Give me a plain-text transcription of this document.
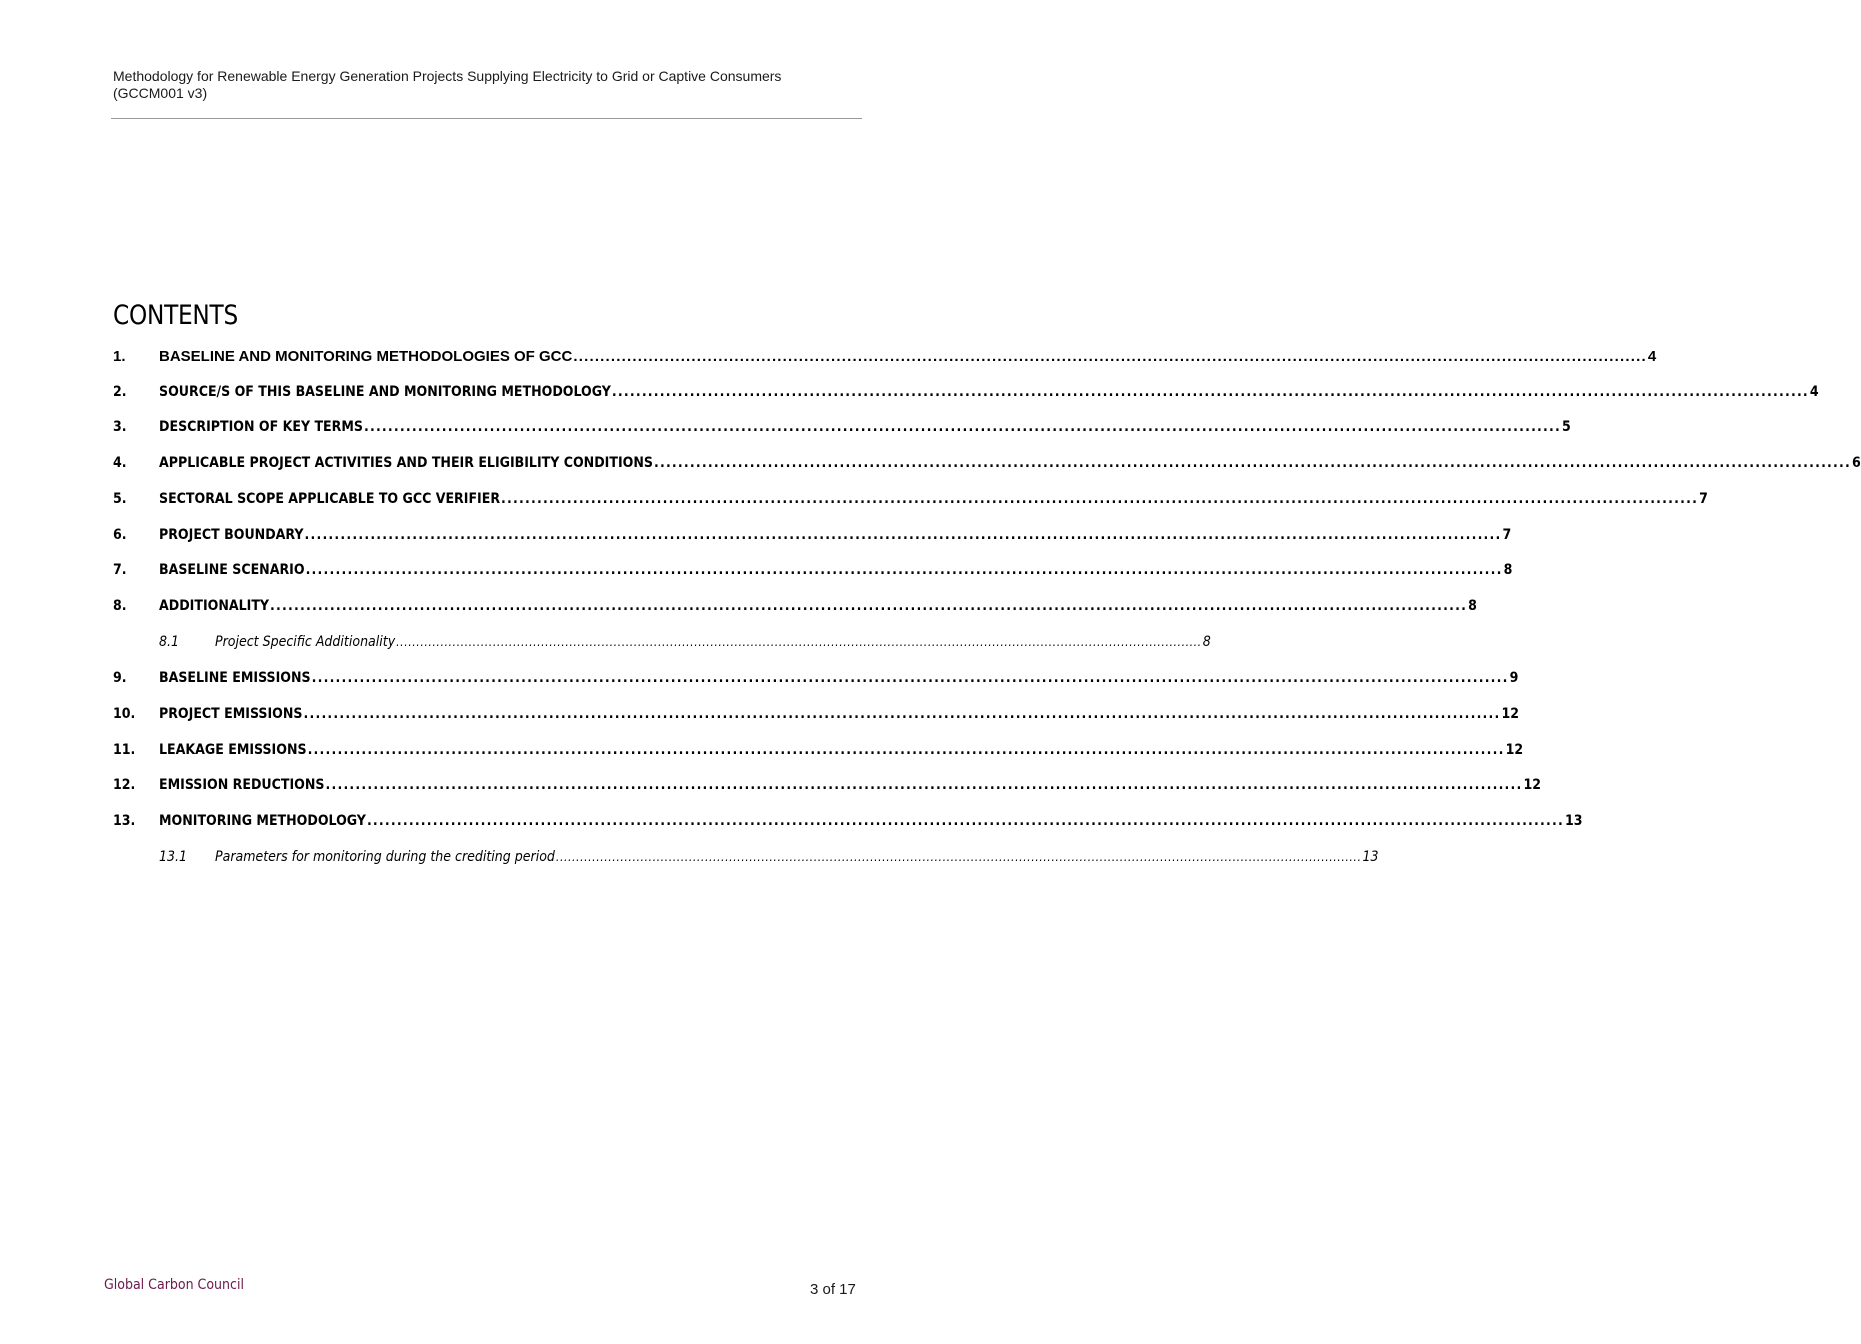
Methodology for Renewable Energy Generation Projects Supplying Electricity to Grid or Captive Consumers
(GCCM001 v3)
CONTENTS
1.	BASELINE AND MONITORING METHODOLOGIES OF GCC ........................................................................................................................................................................................................ 4
2.	SOURCE/S OF THIS BASELINE AND MONITORING METHODOLOGY ........................................................................................................................................................................................................ 4
3.	DESCRIPTION OF KEY TERMS ........................................................................................................................................................................................................ 5
4.	APPLICABLE PROJECT ACTIVITIES AND THEIR ELIGIBILITY CONDITIONS ........................................................................................................................................................................................................ 6
5.	SECTORAL SCOPE APPLICABLE TO GCC VERIFIER ........................................................................................................................................................................................................ 7
6.	PROJECT BOUNDARY ........................................................................................................................................................................................................ 7
7.	BASELINE SCENARIO ........................................................................................................................................................................................................ 8
8.	ADDITIONALITY ........................................................................................................................................................................................................ 8
8.1	Project Specific Additionality ........................................................................................................................................................................................................ 8
9.	BASELINE EMISSIONS ........................................................................................................................................................................................................ 9
10.	PROJECT EMISSIONS ........................................................................................................................................................................................................ 12
11.	LEAKAGE EMISSIONS ........................................................................................................................................................................................................ 12
12.	EMISSION REDUCTIONS ........................................................................................................................................................................................................ 12
13.	MONITORING METHODOLOGY ........................................................................................................................................................................................................ 13
13.1	Parameters for monitoring during the crediting period ........................................................................................................................................................................................................ 13
Global Carbon Council	3 of 17
